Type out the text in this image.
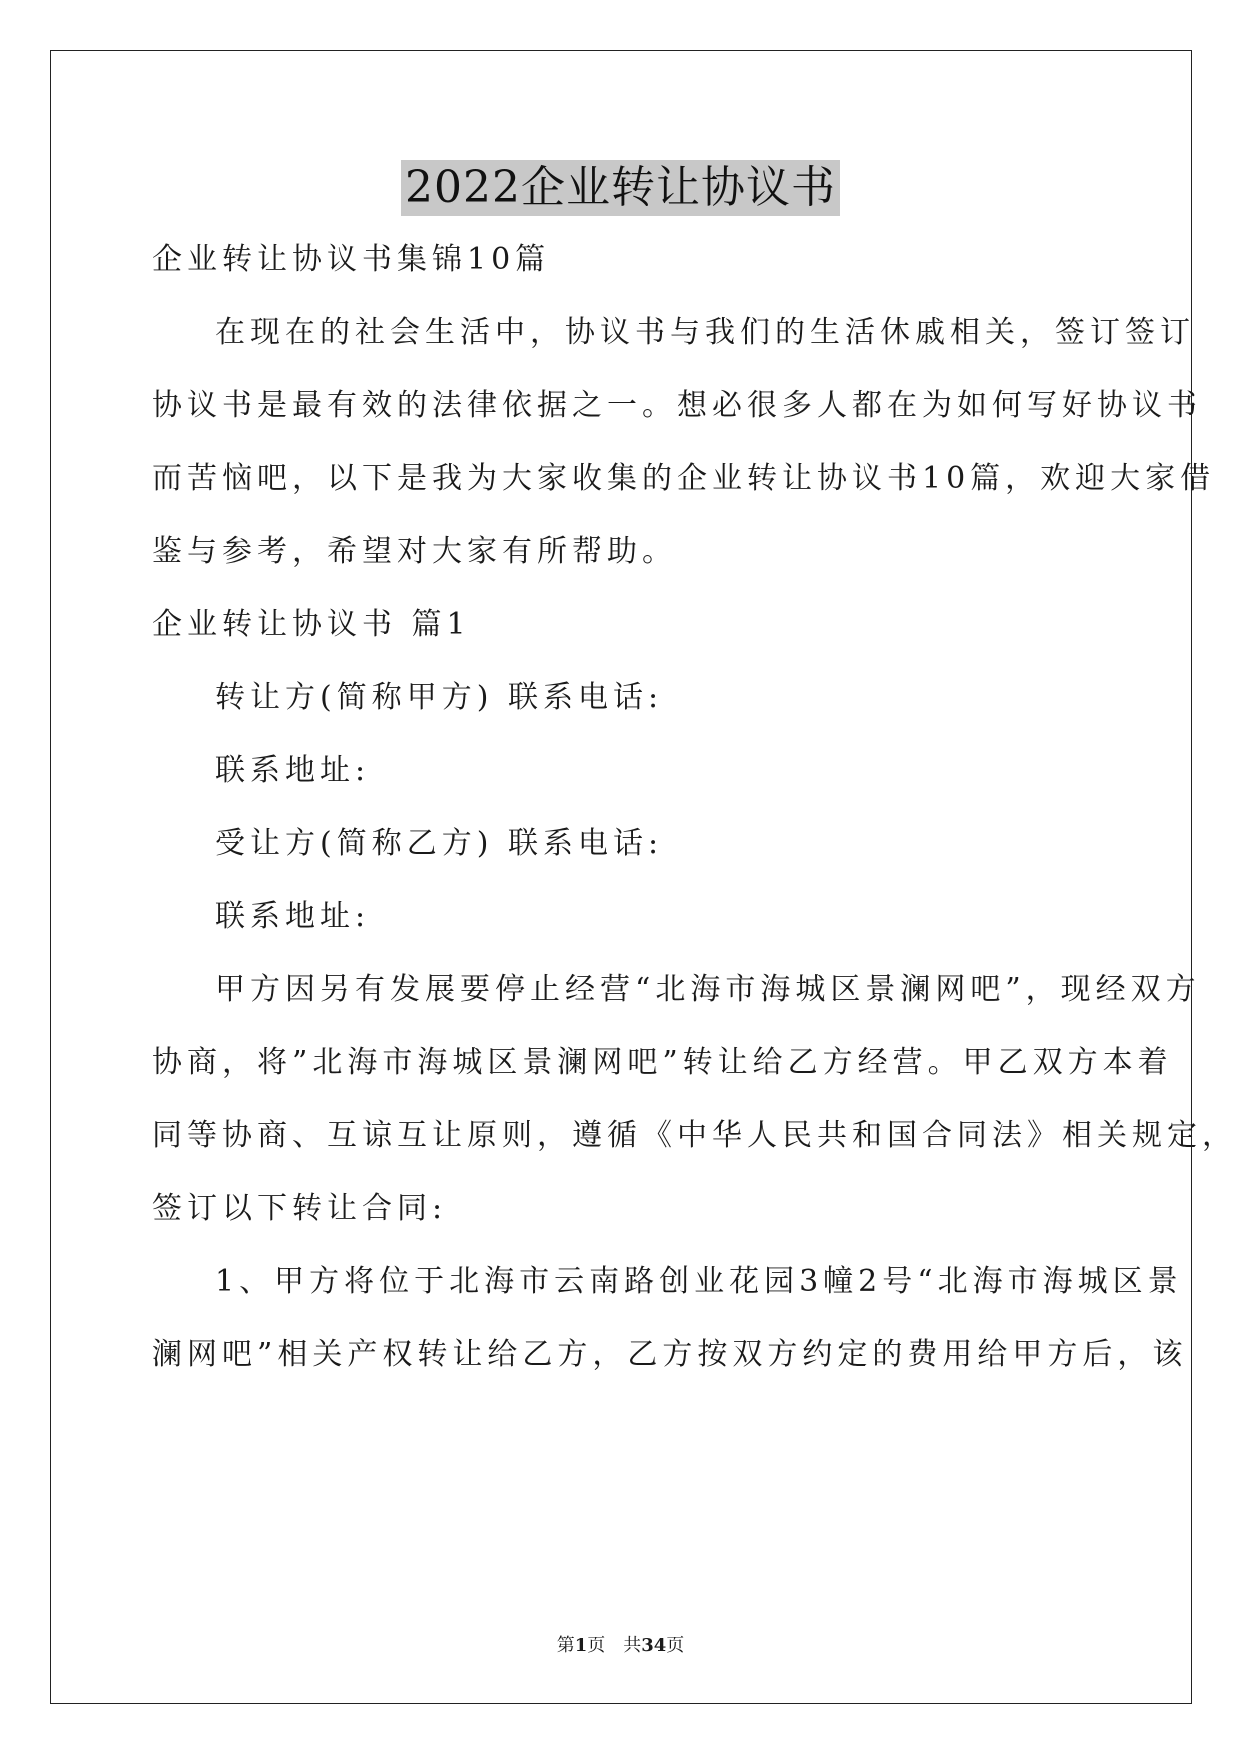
2022企业转让协议书
企业转让协议书集锦10篇
在现在的社会生活中，协议书与我们的生活休戚相关，签订签订
协议书是最有效的法律依据之一。想必很多人都在为如何写好协议书
而苦恼吧，以下是我为大家收集的企业转让协议书10篇，欢迎大家借
鉴与参考，希望对大家有所帮助。
企业转让协议书 篇1
转让方(简称甲方) 联系电话:
联系地址:
受让方(简称乙方) 联系电话:
联系地址:
甲方因另有发展要停止经营“北海市海城区景澜网吧”，现经双方
协商，将”北海市海城区景澜网吧”转让给乙方经营。甲乙双方本着
同等协商、互谅互让原则，遵循《中华人民共和国合同法》相关规定，
签订以下转让合同:
1、甲方将位于北海市云南路创业花园3幢2号“北海市海城区景
澜网吧”相关产权转让给乙方，乙方按双方约定的费用给甲方后，该
第1页　共34页
